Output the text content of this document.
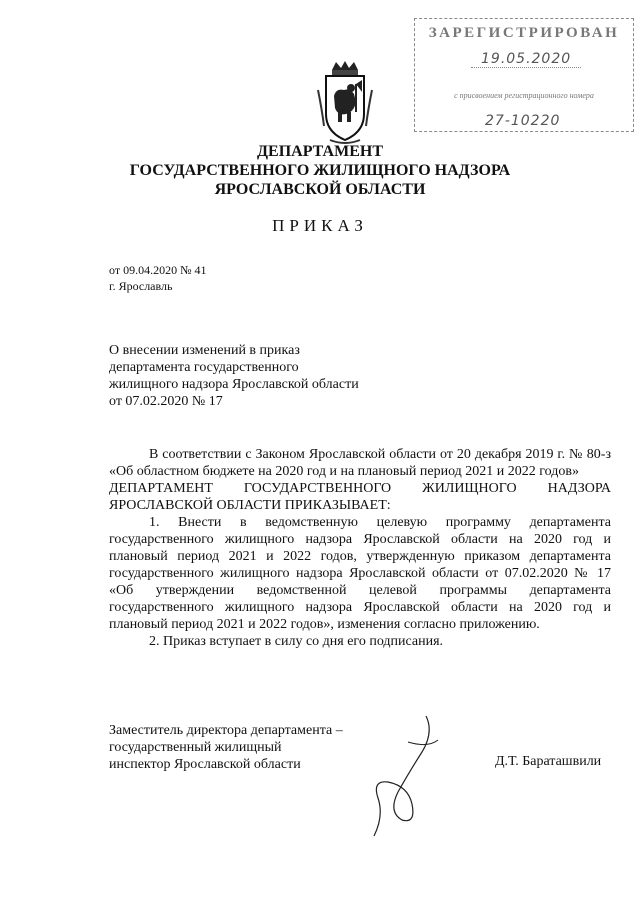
ЗАРЕГИСТРИРОВАН
19.05.2020
с присвоением регистрационного номера
27-10220
ДЕПАРТАМЕНТ
ГОСУДАРСТВЕННОГО ЖИЛИЩНОГО НАДЗОРА
ЯРОСЛАВСКОЙ ОБЛАСТИ
ПРИКАЗ
от 09.04.2020 № 41
г. Ярославль
О внесении изменений в приказ департамента государственного жилищного надзора Ярославской области от 07.02.2020 № 17

В соответствии с Законом Ярославской области от 20 декабря 2019 г. № 80-з «Об областном бюджете на 2020 год и на плановый период 2021 и 2022 годов»

ДЕПАРТАМЕНТ ГОСУДАРСТВЕННОГО ЖИЛИЩНОГО НАДЗОРА ЯРОСЛАВСКОЙ ОБЛАСТИ ПРИКАЗЫВАЕТ:

1. Внести в ведомственную целевую программу департамента государственного жилищного надзора Ярославской области на 2020 год и плановый период 2021 и 2022 годов, утвержденную приказом департамента государственного жилищного надзора Ярославской области от 07.02.2020 № 17 «Об утверждении ведомственной целевой программы департамента государственного жилищного надзора Ярославской области на 2020 год и плановый период 2021 и 2022 годов», изменения согласно приложению.

2. Приказ вступает в силу со дня его подписания.

Заместитель директора департамента –
государственный жилищный
инспектор Ярославской области	Д.Т. Бараташвили
